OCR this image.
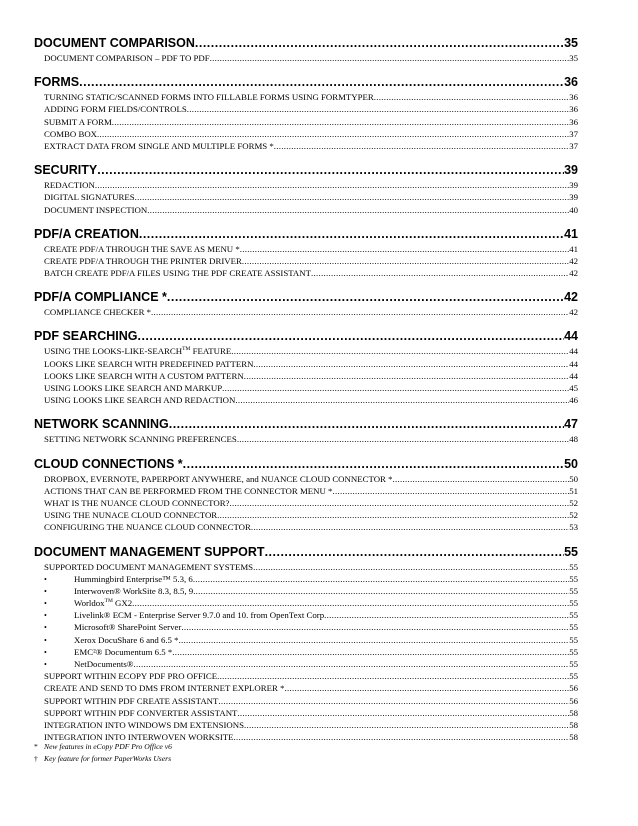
DOCUMENT COMPARISON .....	35
DOCUMENT COMPARISON – PDF TO PDF .....	35
FORMS .....	36
TURNING STATIC/SCANNED FORMS INTO FILLABLE FORMS USING FORMTYPER .....	36
ADDING FORM FIELDS/CONTROLS .....	36
SUBMIT A FORM .....	36
COMBO BOX .....	37
EXTRACT DATA FROM SINGLE AND MULTIPLE FORMS * .....	37
SECURITY .....	39
REDACTION .....	39
DIGITAL SIGNATURES .....	39
DOCUMENT INSPECTION .....	40
PDF/A CREATION .....	41
CREATE PDF/A THROUGH THE SAVE AS MENU * .....	41
CREATE PDF/A THROUGH THE PRINTER DRIVER .....	42
BATCH CREATE PDF/A FILES USING THE PDF CREATE ASSISTANT .....	42
PDF/A COMPLIANCE * .....	42
COMPLIANCE CHECKER * .....	42
PDF SEARCHING .....	44
USING THE LOOKS-LIKE-SEARCH™ FEATURE .....	44
LOOKS LIKE SEARCH WITH PREDEFINED PATTERN .....	44
LOOKS LIKE SEARCH WITH A CUSTOM PATTERN .....	44
USING LOOKS LIKE SEARCH AND MARKUP .....	45
USING LOOKS LIKE SEARCH AND REDACTION .....	46
NETWORK SCANNING .....	47
SETTING NETWORK SCANNING PREFERENCES .....	48
CLOUD CONNECTIONS * .....	50
DROPBOX, EVERNOTE, PAPERPORT ANYWHERE, and NUANCE CLOUD CONNECTOR * .....	50
ACTIONS THAT CAN BE PERFORMED FROM THE CONNECTOR MENU * .....	51
WHAT IS THE NUANCE CLOUD CONNECTOR? .....	52
USING THE NUNACE CLOUD CONNECTOR .....	52
CONFIGURING THE NUANCE CLOUD CONNECTOR .....	53
DOCUMENT MANAGEMENT SUPPORT .....	55
SUPPORTED DOCUMENT MANAGEMENT SYSTEMS .....	55
•	Hummingbird Enterprise™ 5.3, 6 .....	55
•	Interwoven® WorkSite 8.3, 8.5, 9 .....	55
•	Worldox™ GX2 .....	55
•	Livelink® ECM - Enterprise Server 9.7.0 and 10. from OpenText Corp .....	55
•	Microsoft® SharePoint Server .....	55
•	Xerox DocuShare 6 and 6.5 * .....	55
•	EMC²® Documentum 6.5 * .....	55
•	NetDocuments® .....	55
SUPPORT WITHIN ECOPY PDF PRO OFFICE .....	55
CREATE AND SEND TO DMS FROM INTERNET EXPLORER * .....	56
SUPPORT WITHIN PDF CREATE ASSISTANT .....	56
SUPPORT WITHIN PDF CONVERTER ASSISTANT .....	58
INTEGRATION INTO WINDOWS DM EXTENSIONS .....	58
INTEGRATION INTO INTERWOVEN WORKSITE .....	58
* New features in eCopy PDF Pro Office v6
† Key feature for former PaperWorks Users
